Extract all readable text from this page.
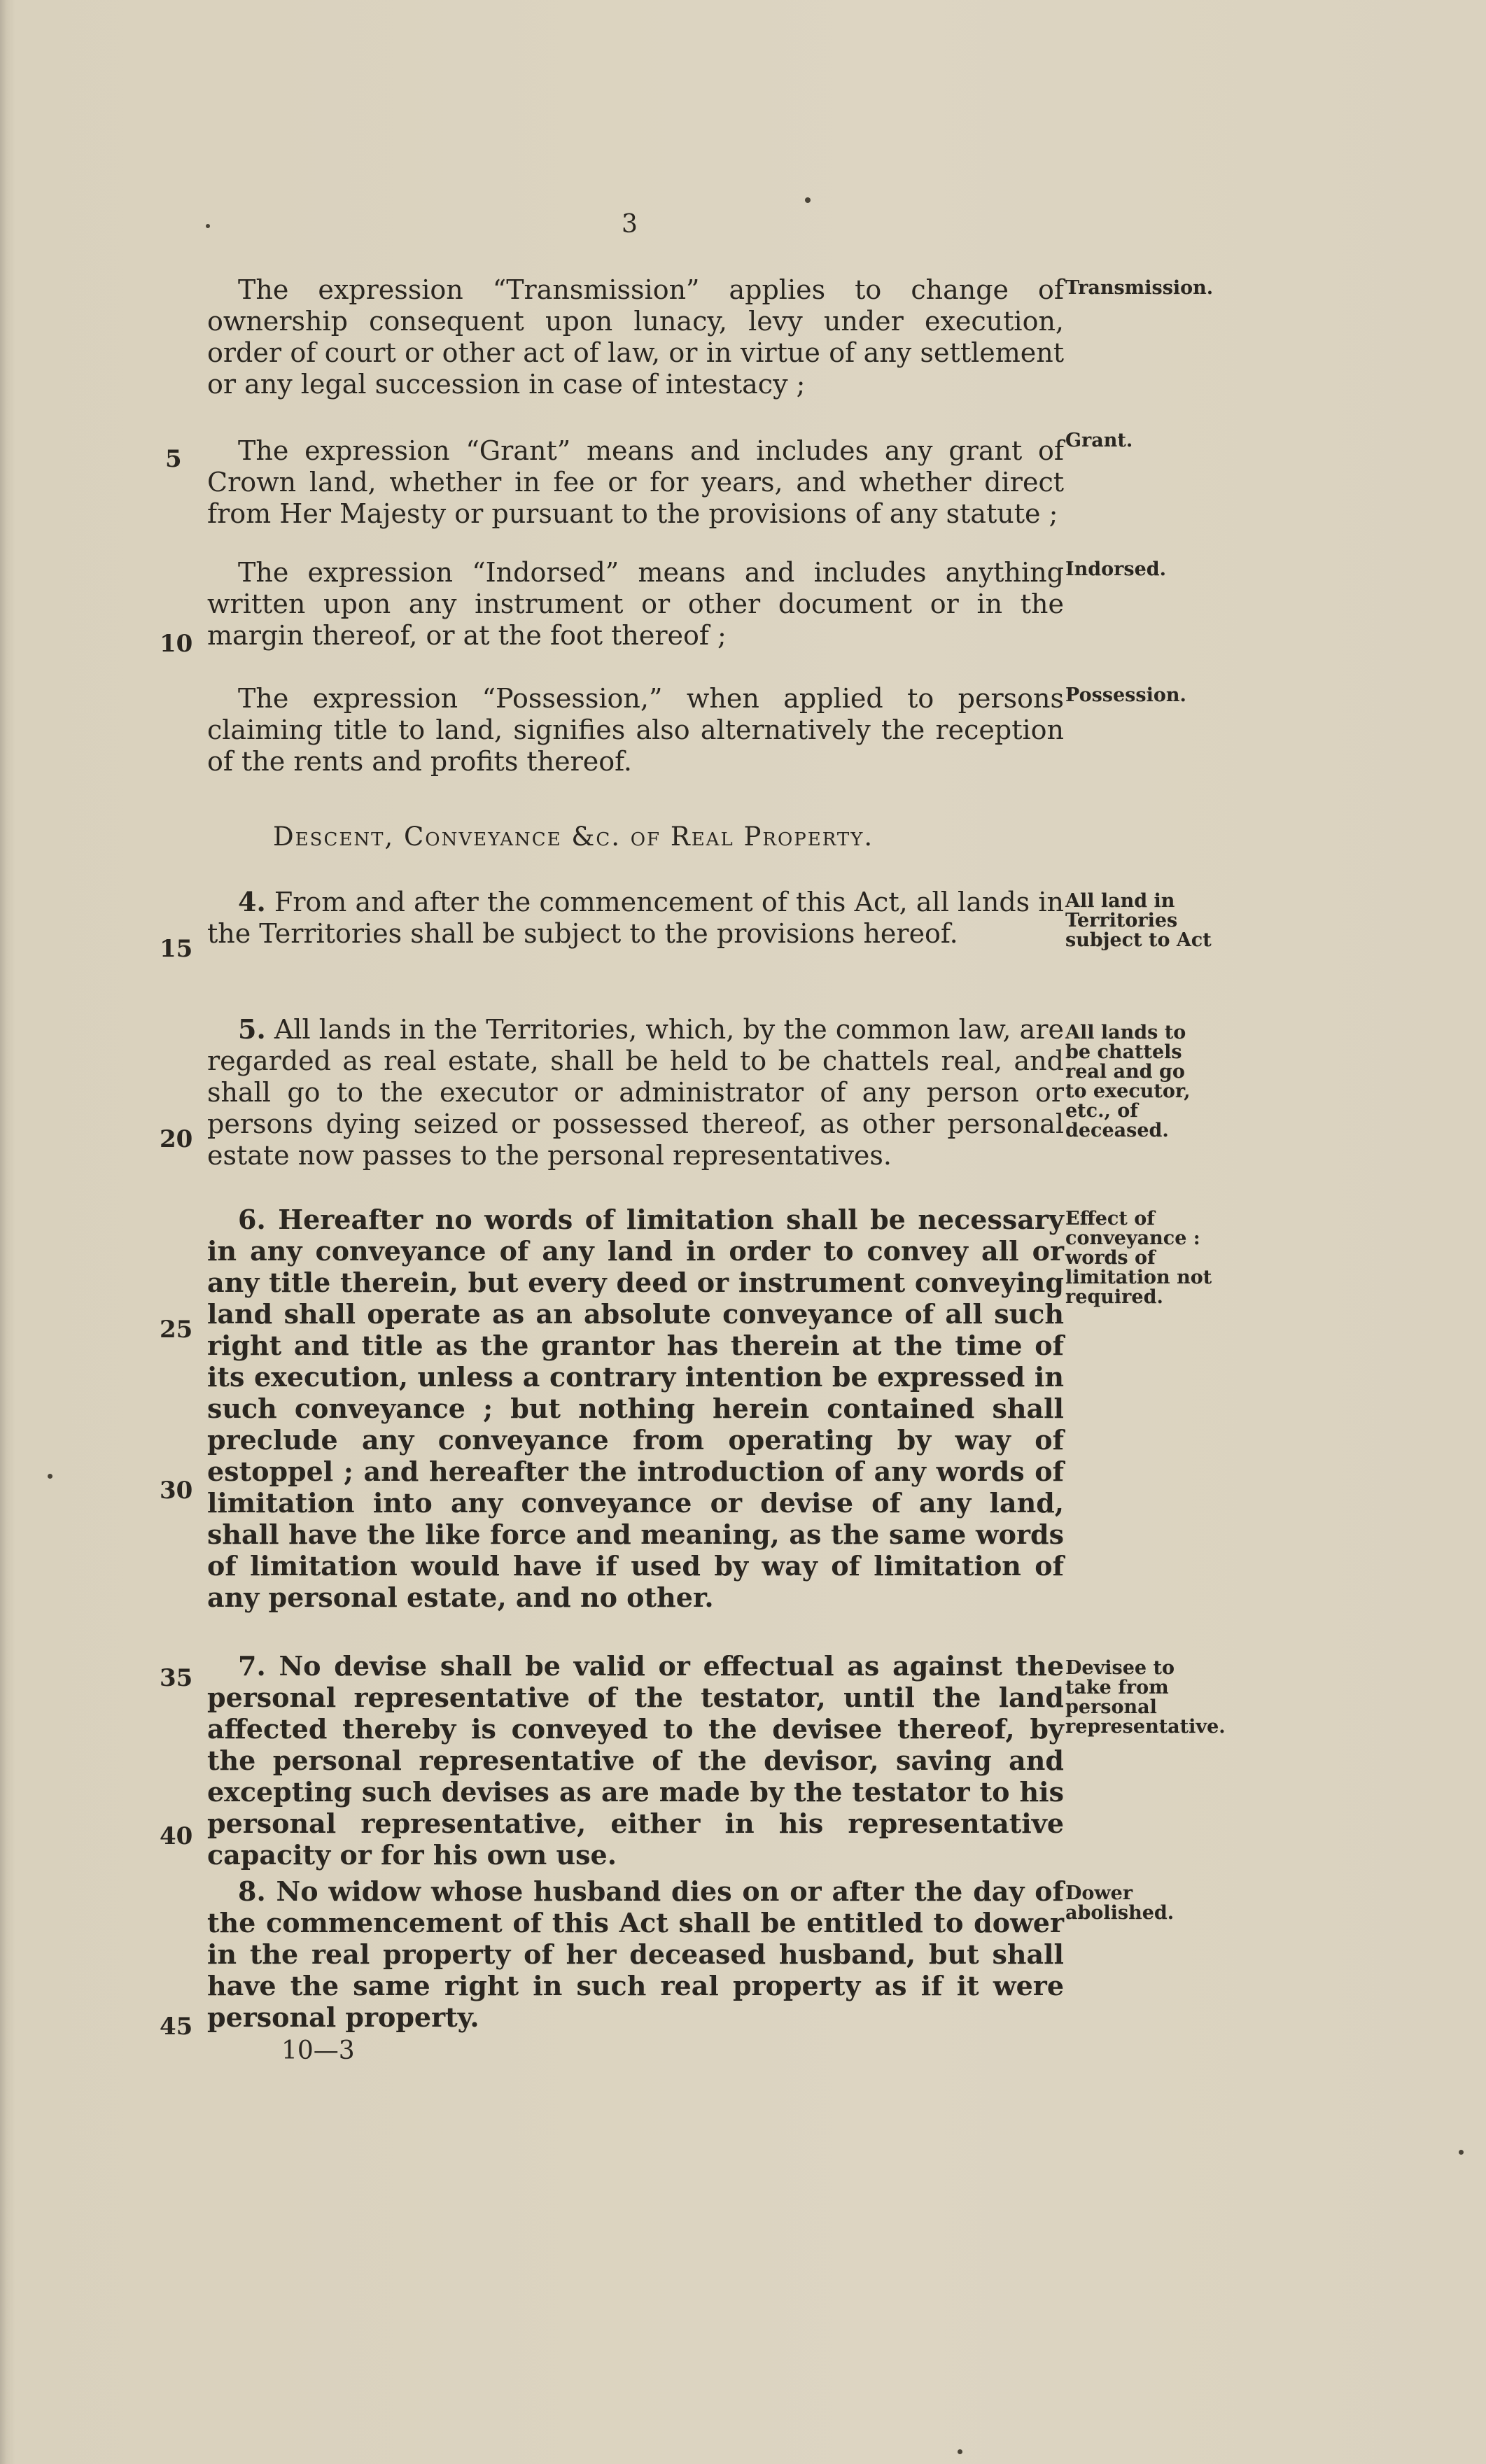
3

The expression “Transmission” applies to change of ownership consequent upon lunacy, levy under execution, order of court or other act of law, or in virtue of any settlement or any legal succession in case of intestacy ;

Transmission.

The expression “Grant” means and includes any grant of Crown land, whether in fee or for years, and whether direct from Her Majesty or pursuant to the provisions of any statute ;

Grant.

The expression “Indorsed” means and includes anything written upon any instrument or other document or in the margin thereof, or at the foot thereof ;

Indorsed.

The expression “Possession,” when applied to persons claiming title to land, signifies also alternatively the reception of the rents and profits thereof.

Possession.
Descent, Conveyance &c. of Real Property.

4. From and after the commencement of this Act, all lands in the Territories shall be subject to the provisions hereof.

All land in Territories subject to Act

5. All lands in the Territories, which, by the common law, are regarded as real estate, shall be held to be chattels real, and shall go to the executor or administrator of any person or persons dying seized or possessed thereof, as other personal estate now passes to the personal representatives.

All lands to be chattels real and go to executor, etc., of deceased.

6. Hereafter no words of limitation shall be necessary in any conveyance of any land in order to convey all or any title therein, but every deed or instrument conveying land shall operate as an absolute conveyance of all such right and title as the grantor has therein at the time of its execution, unless a contrary intention be expressed in such conveyance ; but nothing herein contained shall preclude any conveyance from operating by way of estoppel ; and hereafter the introduction of any words of limitation into any conveyance or devise of any land, shall have the like force and meaning, as the same words of limitation would have if used by way of limitation of any personal estate, and no other.

Effect of conveyance : words of limitation not required.

7. No devise shall be valid or effectual as against the personal representative of the testator, until the land affected thereby is conveyed to the devisee thereof, by the personal representative of the devisor, saving and excepting such devises as are made by the testator to his personal representative, either in his representative capacity or for his own use.

Devisee to take from personal representative.

8. No widow whose husband dies on or after the day of the commencement of this Act shall be entitled to dower in the real property of her deceased husband, but shall have the same right in such real property as if it were personal property.

Dower abolished.
5
10
15
20
25
30
35
40
45
10—3
